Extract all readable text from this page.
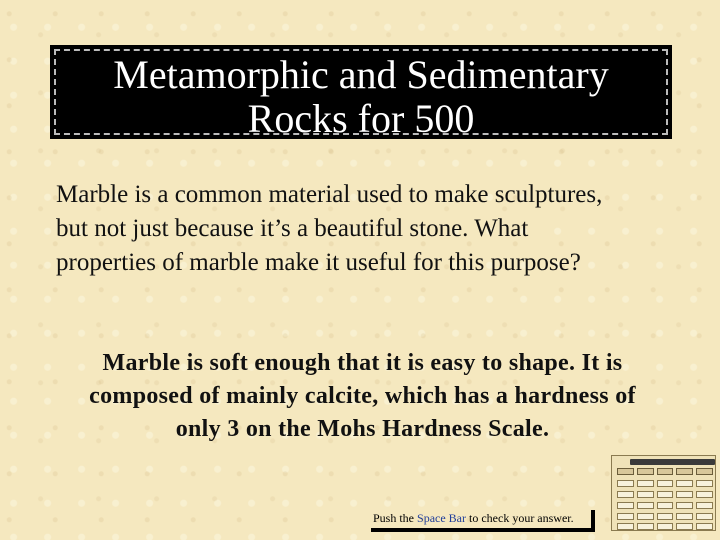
Metamorphic and Sedimentary
Rocks for 500
Marble is a common material used to make sculptures,
but not just because it’s a beautiful stone. What
properties of marble make it useful for this purpose?
Marble is soft enough that it is easy to shape. It is
composed of mainly calcite, which has a hardness of
only 3 on the Mohs Hardness Scale.
Push the Space Bar to check your answer.
